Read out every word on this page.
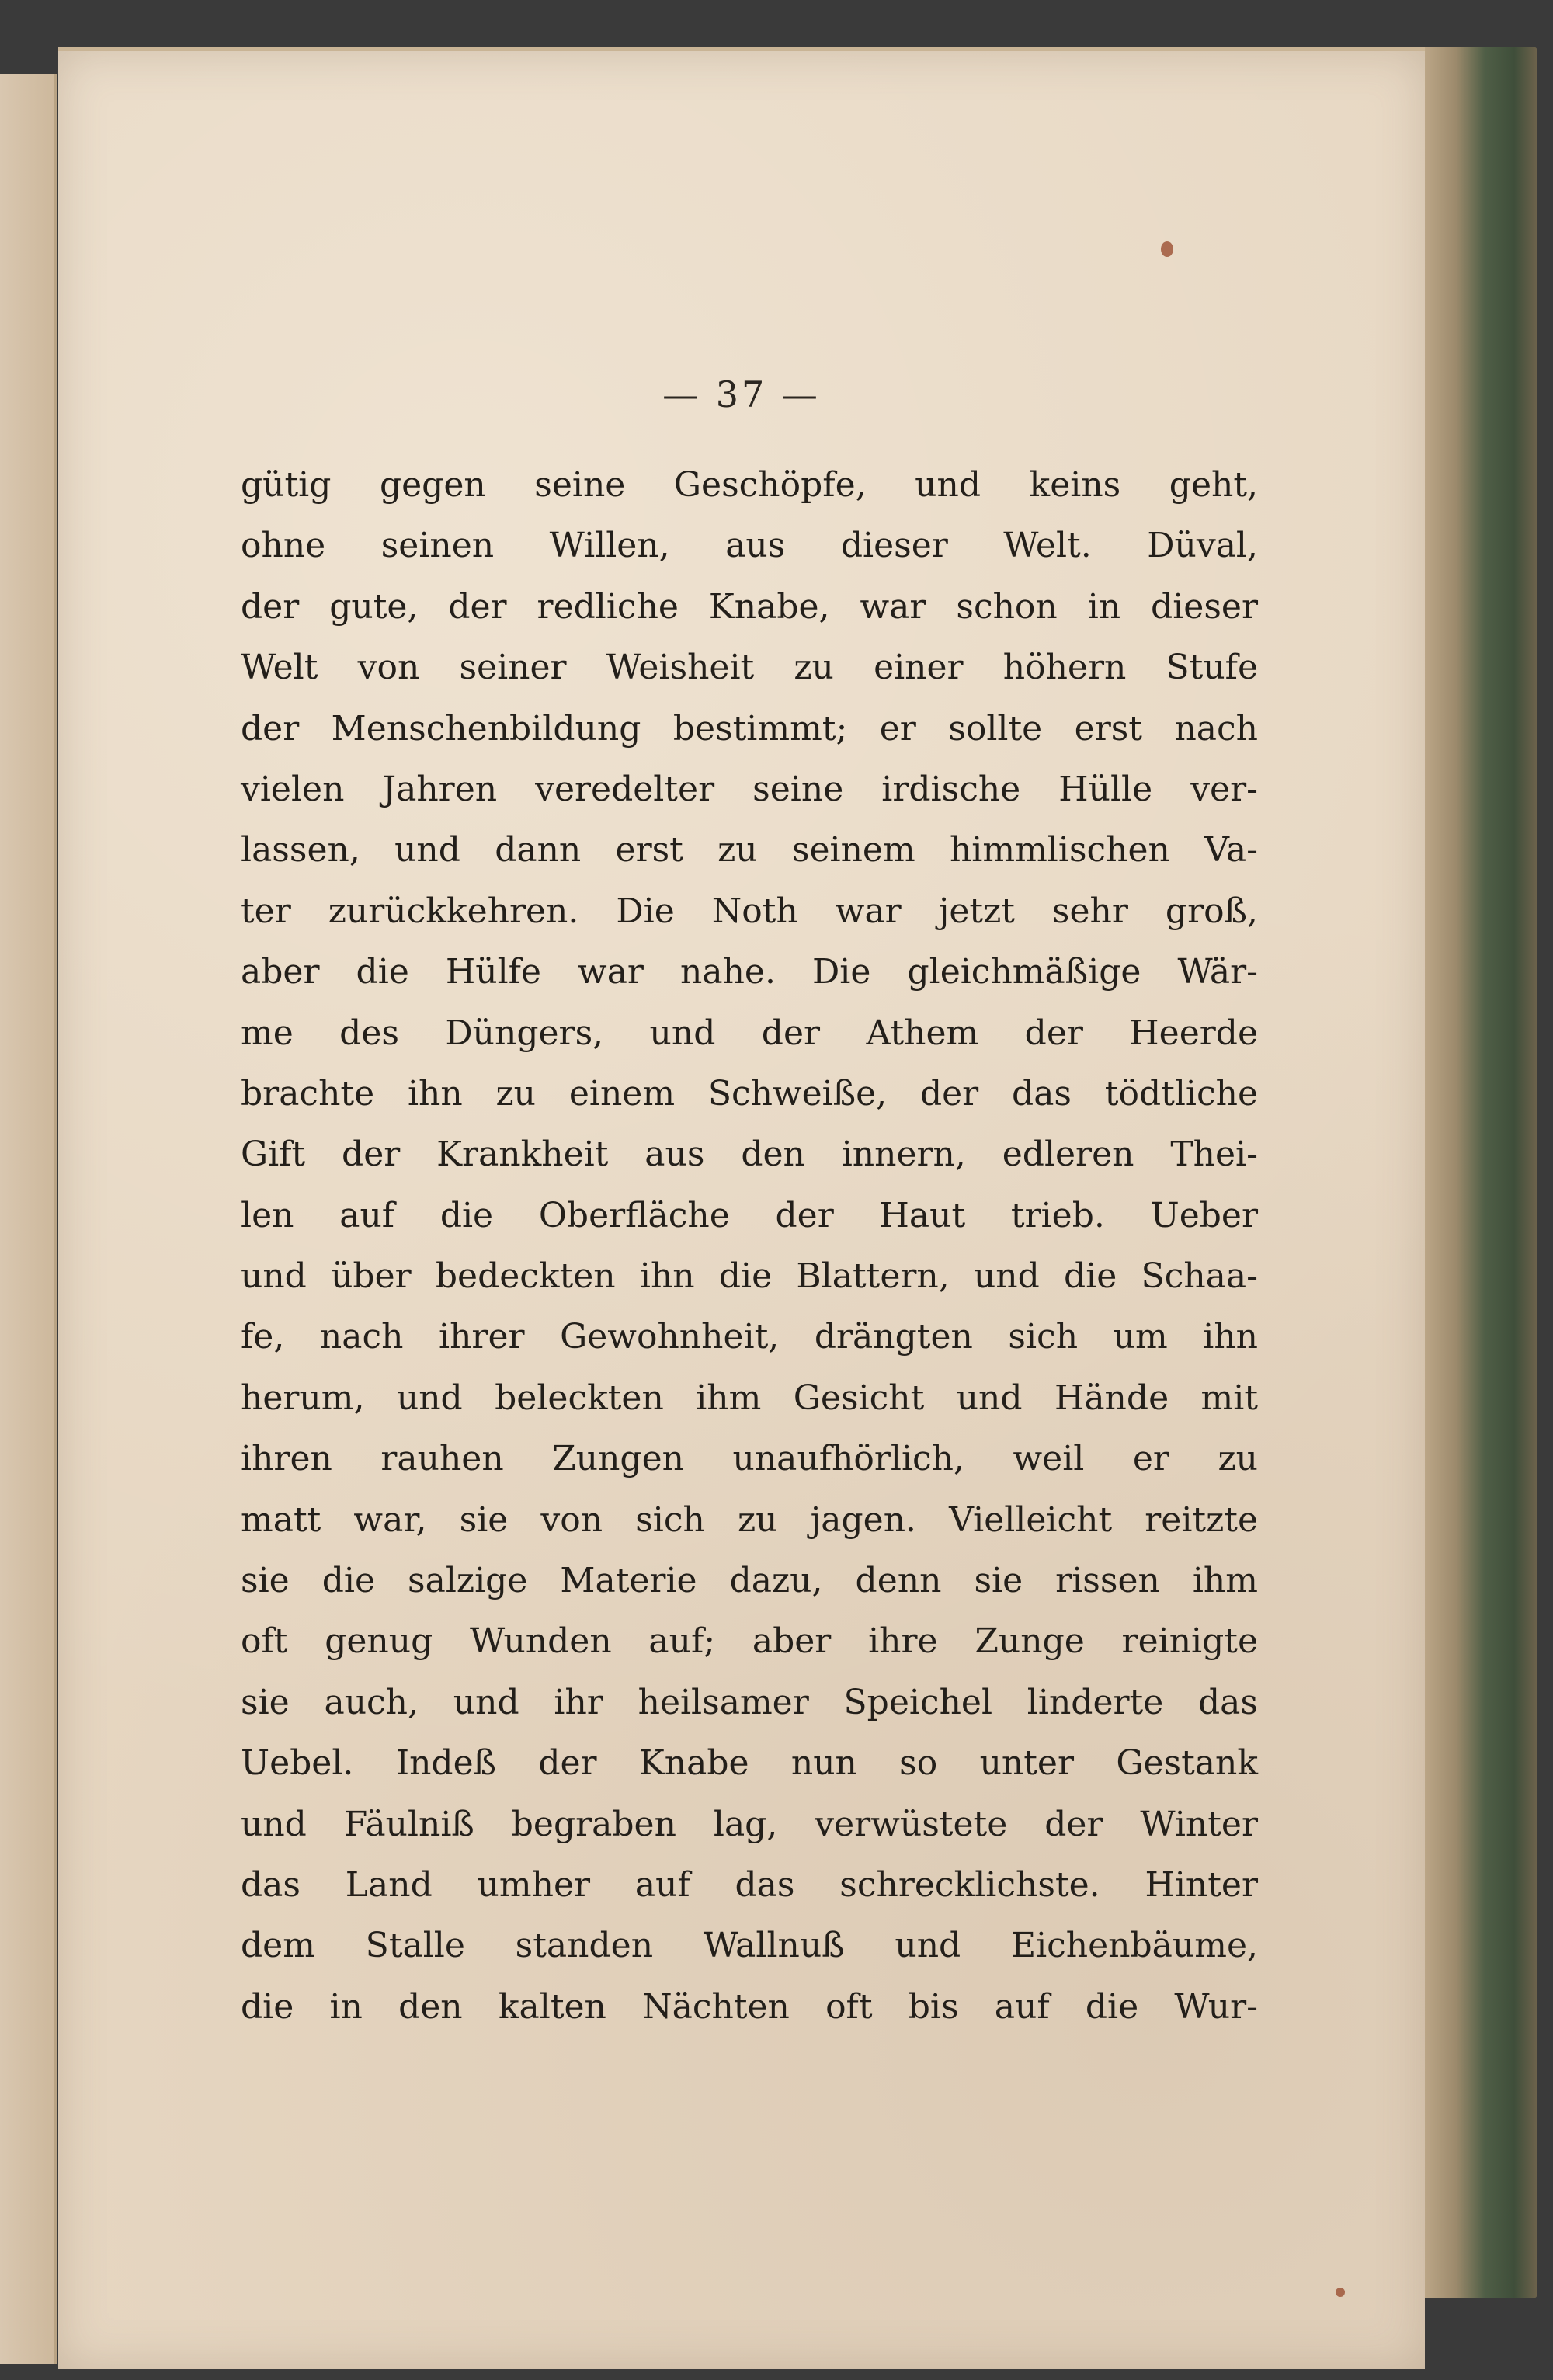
— 37 —
gütig gegen seine Geschöpfe, und keins geht,
ohne seinen Willen, aus dieser Welt. Düval,
der gute, der redliche Knabe, war schon in dieser
Welt von seiner Weisheit zu einer höhern Stufe
der Menschenbildung bestimmt; er sollte erst nach
vielen Jahren veredelter seine irdische Hülle ver-
lassen, und dann erst zu seinem himmlischen Va-
ter zurückkehren. Die Noth war jetzt sehr groß,
aber die Hülfe war nahe. Die gleichmäßige Wär-
me des Düngers, und der Athem der Heerde
brachte ihn zu einem Schweiße, der das tödtliche
Gift der Krankheit aus den innern, edleren Thei-
len auf die Oberfläche der Haut trieb. Ueber
und über bedeckten ihn die Blattern, und die Schaa-
fe, nach ihrer Gewohnheit, drängten sich um ihn
herum, und beleckten ihm Gesicht und Hände mit
ihren rauhen Zungen unaufhörlich, weil er zu
matt war, sie von sich zu jagen. Vielleicht reitzte
sie die salzige Materie dazu, denn sie rissen ihm
oft genug Wunden auf; aber ihre Zunge reinigte
sie auch, und ihr heilsamer Speichel linderte das
Uebel. Indeß der Knabe nun so unter Gestank
und Fäulniß begraben lag, verwüstete der Winter
das Land umher auf das schrecklichste. Hinter
dem Stalle standen Wallnuß und Eichenbäume,
die in den kalten Nächten oft bis auf die Wur-
